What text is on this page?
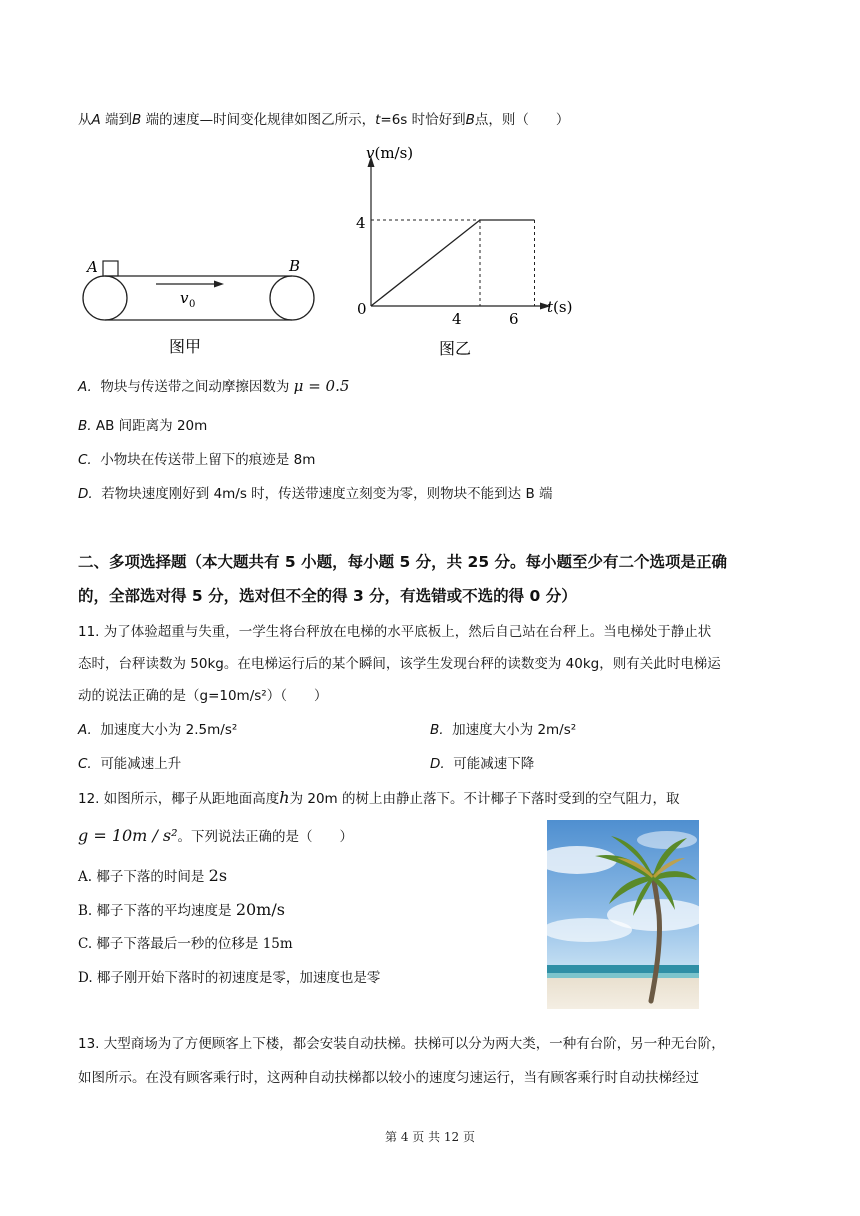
从A 端到B 端的速度—时间变化规律如图乙所示，t=6s 时恰好到B点，则（　　）
A	B
v 0
图甲
v(m/s)
t(s)
0
4
4	6
图乙
A. 物块与传送带之间动摩擦因数为 μ = 0.5
B. AB 间距离为 20m
C. 小物块在传送带上留下的痕迹是 8m
D. 若物块速度刚好到 4m/s 时，传送带速度立刻变为零，则物块不能到达 B 端
二、多项选择题（本大题共有 5 小题，每小题 5 分，共 25 分。每小题至少有二个选项是正确
的，全部选对得 5 分，选对但不全的得 3 分，有选错或不选的得 0 分）
11. 为了体验超重与失重，一学生将台秤放在电梯的水平底板上，然后自己站在台秤上。当电梯处于静止状
态时，台秤读数为 50kg。在电梯运行后的某个瞬间，该学生发现台秤的读数变为 40kg，则有关此时电梯运
动的说法正确的是（g=10m/s²）（　　）
A. 加速度大小为 2.5m/s²	B. 加速度大小为 2m/s²
C. 可能减速上升	D. 可能减速下降
12. 如图所示，椰子从距地面高度h为 20m 的树上由静止落下。不计椰子下落时受到的空气阻力，取
g = 10m / s²。下列说法正确的是（　　）
A. 椰子下落的时间是 2s
B. 椰子下落的平均速度是 20m/s
C. 椰子下落最后一秒的位移是 15m
D. 椰子刚开始下落时的初速度是零，加速度也是零
13. 大型商场为了方便顾客上下楼，都会安装自动扶梯。扶梯可以分为两大类，一种有台阶，另一种无台阶，
如图所示。在没有顾客乘行时，这两种自动扶梯都以较小的速度匀速运行，当有顾客乘行时自动扶梯经过
第 4 页 共 12 页
